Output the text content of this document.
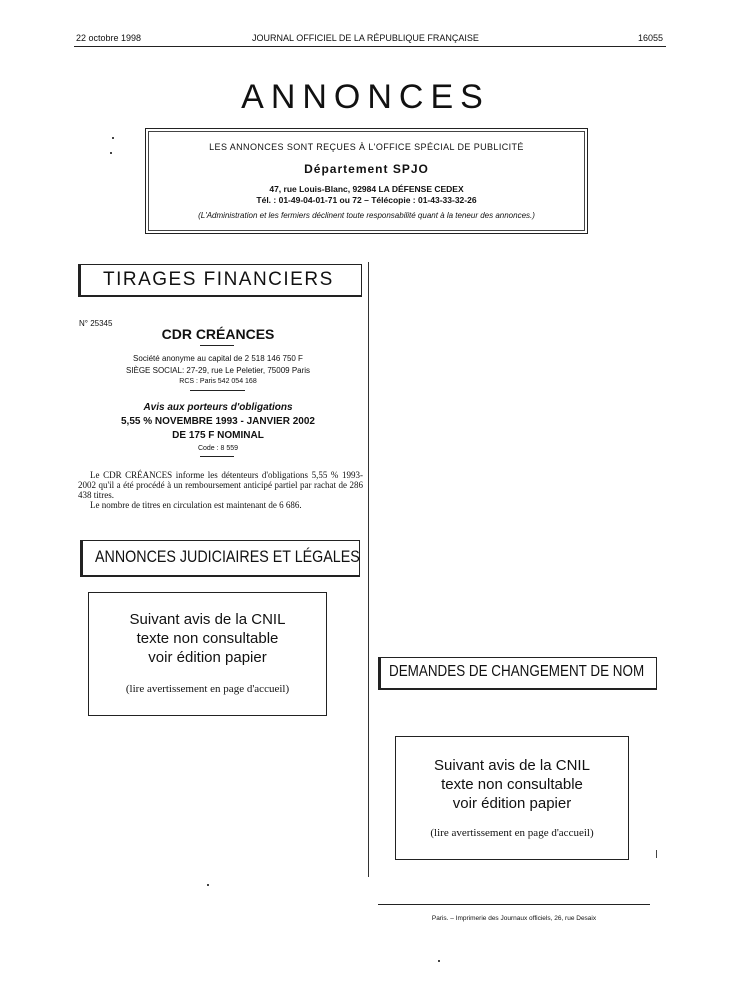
22 octobre 1998	JOURNAL OFFICIEL DE LA RÉPUBLIQUE FRANÇAISE	16055
ANNONCES
LES ANNONCES SONT REÇUES À L'OFFICE SPÉCIAL DE PUBLICITÉ
Département SPJO
47, rue Louis-Blanc, 92984 LA DÉFENSE CEDEX
Tél. : 01-49-04-01-71 ou 72 – Télécopie : 01-43-33-32-26
(L'Administration et les fermiers déclinent toute responsabilité quant à la teneur des annonces.)
TIRAGES FINANCIERS
N° 25345
CDR CRÉANCES
Société anonyme au capital de 2 518 146 750 F
SIÈGE SOCIAL: 27-29, rue Le Peletier, 75009 Paris
RCS : Paris 542 054 168
Avis aux porteurs d'obligations
5,55 % NOVEMBRE 1993 - JANVIER 2002
DE 175 F NOMINAL
Code : 8 559
Le CDR CRÉANCES informe les détenteurs d'obligations 5,55 % 1993-2002 qu'il a été procédé à un remboursement anticipé partiel par rachat de 286 438 titres.
Le nombre de titres en circulation est maintenant de 6 686.
ANNONCES JUDICIAIRES ET LÉGALES
Suivant avis de la CNIL
texte non consultable
voir édition papier
(lire avertissement en page d'accueil)
DEMANDES DE CHANGEMENT DE NOM
Suivant avis de la CNIL
texte non consultable
voir édition papier
(lire avertissement en page d'accueil)
Paris. – Imprimerie des Journaux officiels, 26, rue Desaix
